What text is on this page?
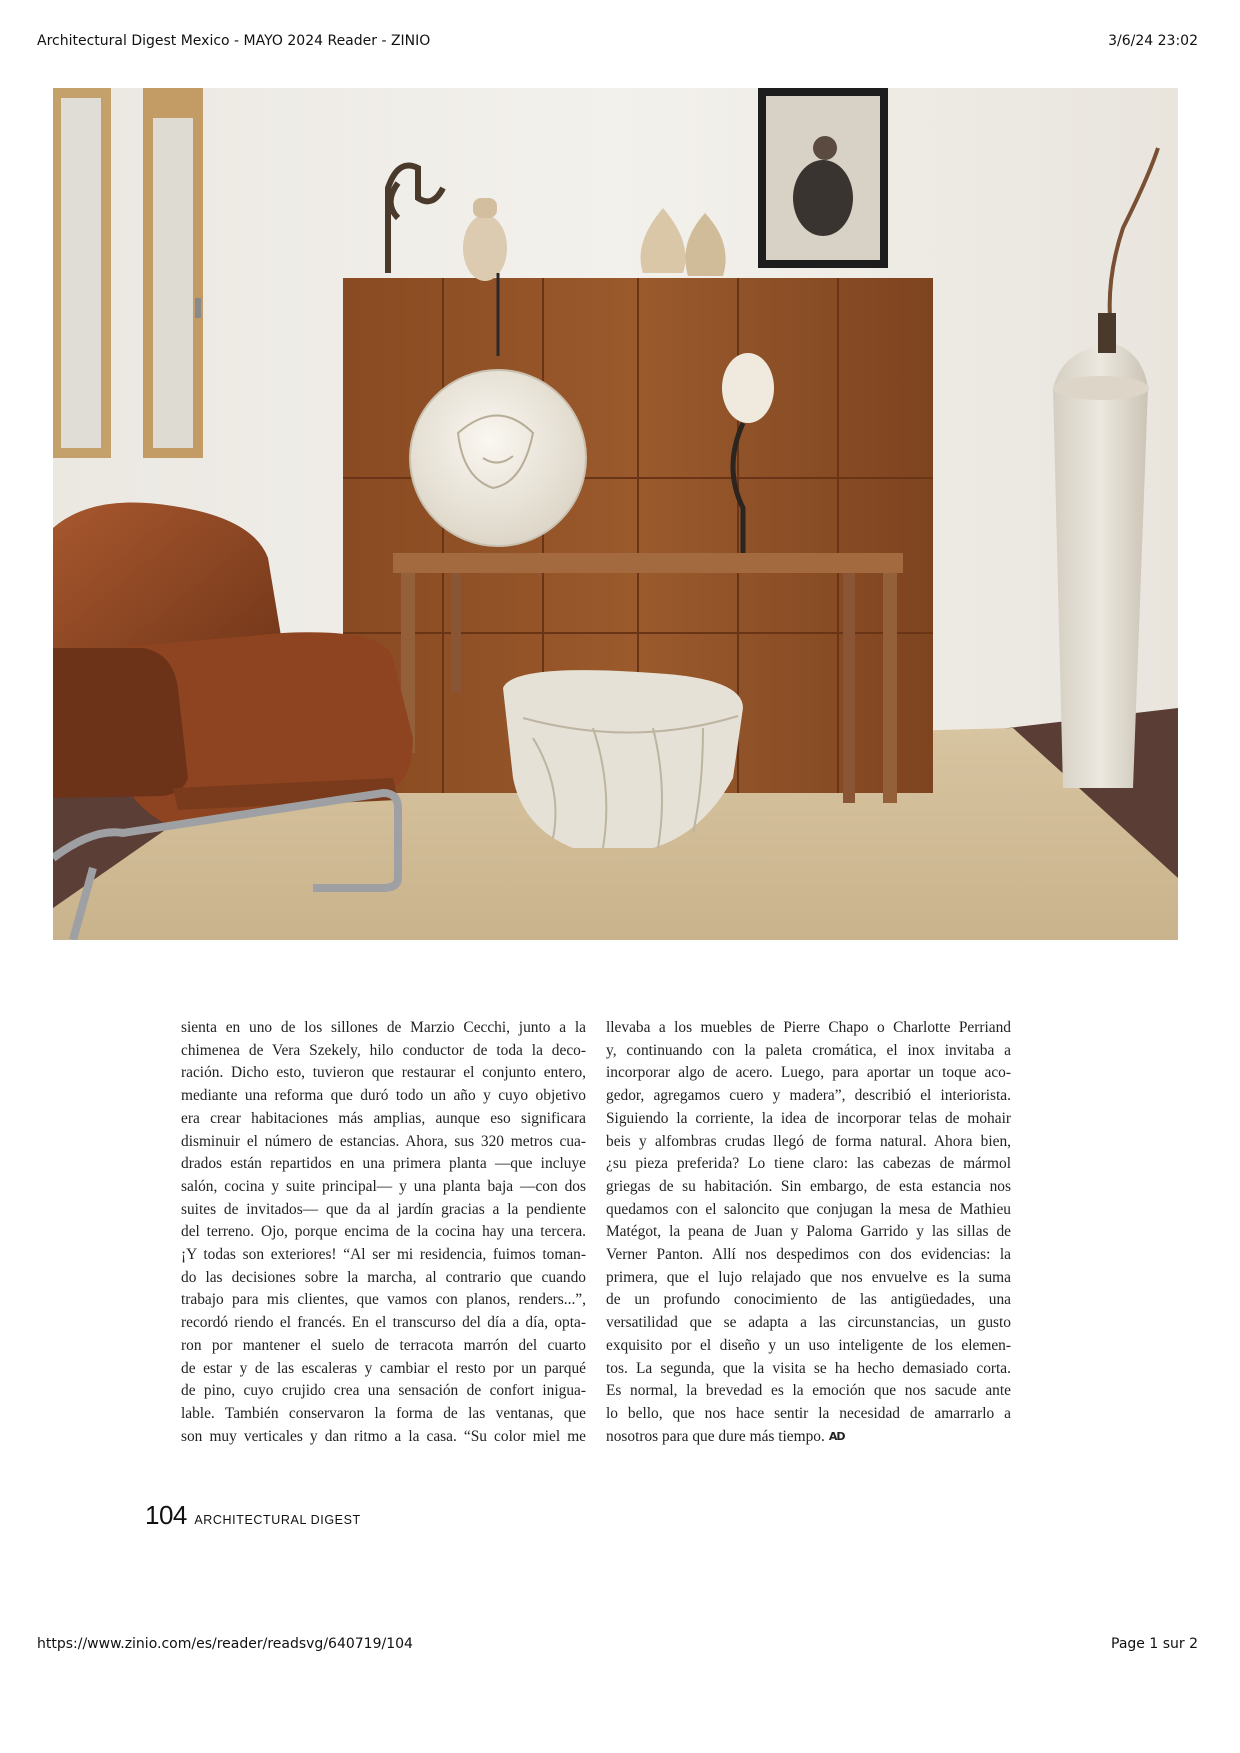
Architectural Digest Mexico - MAYO 2024 Reader - ZINIO	3/6/24 23:02
sienta en uno de los sillones de Marzio Cecchi, junto a la
chimenea de Vera Szekely, hilo conductor de toda la deco-
ración. Dicho esto, tuvieron que restaurar el conjunto entero,
mediante una reforma que duró todo un año y cuyo objetivo
era crear habitaciones más amplias, aunque eso significara
disminuir el número de estancias. Ahora, sus 320 metros cua-
drados están repartidos en una primera planta —que incluye
salón, cocina y suite principal— y una planta baja —con dos
suites de invitados— que da al jardín gracias a la pendiente
del terreno. Ojo, porque encima de la cocina hay una tercera.
¡Y todas son exteriores! “Al ser mi residencia, fuimos toman-
do las decisiones sobre la marcha, al contrario que cuando
trabajo para mis clientes, que vamos con planos, renders...”,
recordó riendo el francés. En el transcurso del día a día, opta-
ron por mantener el suelo de terracota marrón del cuarto
de estar y de las escaleras y cambiar el resto por un parqué
de pino, cuyo crujido crea una sensación de confort inigua-
lable. También conservaron la forma de las ventanas, que
son muy verticales y dan ritmo a la casa. “Su color miel me
llevaba a los muebles de Pierre Chapo o Charlotte Perriand
y, continuando con la paleta cromática, el inox invitaba a
incorporar algo de acero. Luego, para aportar un toque aco-
gedor, agregamos cuero y madera”, describió el interiorista.
Siguiendo la corriente, la idea de incorporar telas de mohair
beis y alfombras crudas llegó de forma natural. Ahora bien,
¿su pieza preferida? Lo tiene claro: las cabezas de mármol
griegas de su habitación. Sin embargo, de esta estancia nos
quedamos con el saloncito que conjugan la mesa de Mathieu
Matégot, la peana de Juan y Paloma Garrido y las sillas de
Verner Panton. Allí nos despedimos con dos evidencias: la
primera, que el lujo relajado que nos envuelve es la suma
de un profundo conocimiento de las antigüedades, una
versatilidad que se adapta a las circunstancias, un gusto
exquisito por el diseño y un uso inteligente de los elemen-
tos. La segunda, que la visita se ha hecho demasiado corta.
Es normal, la brevedad es la emoción que nos sacude ante
lo bello, que nos hace sentir la necesidad de amarrarlo a
nosotros para que dure más tiempo. AD
104 ARCHITECTURAL DIGEST
https://www.zinio.com/es/reader/readsvg/640719/104	Page 1 sur 2
